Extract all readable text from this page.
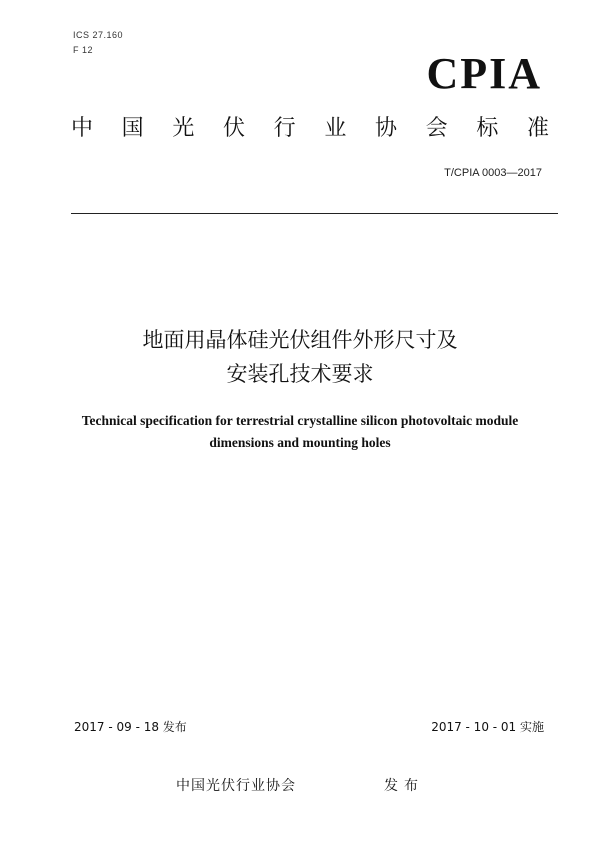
ICS 27.160
F 12	CPIA
中国光伏行业协会标准
T/CPIA 0003—2017
地面用晶体硅光伏组件外形尺寸及
安装孔技术要求
Technical specification for terrestrial crystalline silicon photovoltaic module
dimensions and mounting holes
2017 - 09 - 18 发布	2017 - 10 - 01 实施
中国光伏行业协会	发布
